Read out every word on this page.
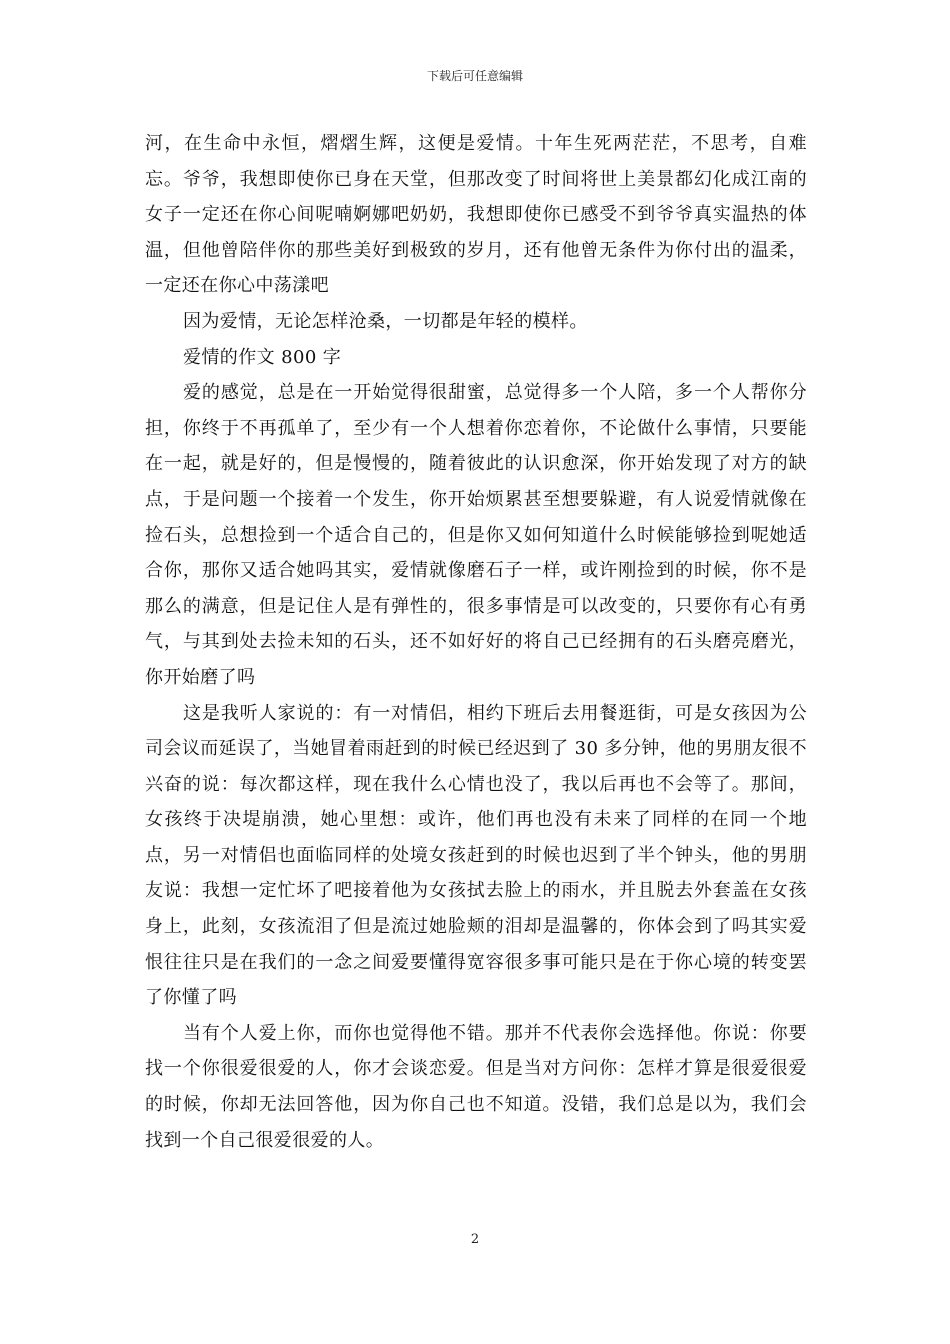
下载后可任意编辑

河，在生命中永恒，熠熠生辉，这便是爱情。十年生死两茫茫，不思考，自难忘。爷爷，我想即使你已身在天堂，但那改变了时间将世上美景都幻化成江南的女子一定还在你心间呢喃婀娜吧奶奶，我想即使你已感受不到爷爷真实温热的体温，但他曾陪伴你的那些美好到极致的岁月，还有他曾无条件为你付出的温柔，一定还在你心中荡漾吧

因为爱情，无论怎样沧桑，一切都是年轻的模样。

爱情的作文 800 字

爱的感觉，总是在一开始觉得很甜蜜，总觉得多一个人陪，多一个人帮你分担，你终于不再孤单了，至少有一个人想着你恋着你，不论做什么事情，只要能在一起，就是好的，但是慢慢的，随着彼此的认识愈深，你开始发现了对方的缺点，于是问题一个接着一个发生，你开始烦累甚至想要躲避，有人说爱情就像在捡石头，总想捡到一个适合自己的，但是你又如何知道什么时候能够捡到呢她适合你，那你又适合她吗其实，爱情就像磨石子一样，或许刚捡到的时候，你不是那么的满意，但是记住人是有弹性的，很多事情是可以改变的，只要你有心有勇气，与其到处去捡未知的石头，还不如好好的将自己已经拥有的石头磨亮磨光，你开始磨了吗

这是我听人家说的：有一对情侣，相约下班后去用餐逛街，可是女孩因为公司会议而延误了，当她冒着雨赶到的时候已经迟到了 30 多分钟，他的男朋友很不兴奋的说：每次都这样，现在我什么心情也没了，我以后再也不会等了。那间，女孩终于决堤崩溃，她心里想：或许，他们再也没有未来了同样的在同一个地点，另一对情侣也面临同样的处境女孩赶到的时候也迟到了半个钟头，他的男朋友说：我想一定忙坏了吧接着他为女孩拭去脸上的雨水，并且脱去外套盖在女孩身上，此刻，女孩流泪了但是流过她脸颊的泪却是温馨的，你体会到了吗其实爱恨往往只是在我们的一念之间爱要懂得宽容很多事可能只是在于你心境的转变罢了你懂了吗

当有个人爱上你，而你也觉得他不错。那并不代表你会选择他。你说：你要找一个你很爱很爱的人，你才会谈恋爱。但是当对方问你：怎样才算是很爱很爱的时候，你却无法回答他，因为你自己也不知道。没错，我们总是以为，我们会找到一个自己很爱很爱的人。

2
